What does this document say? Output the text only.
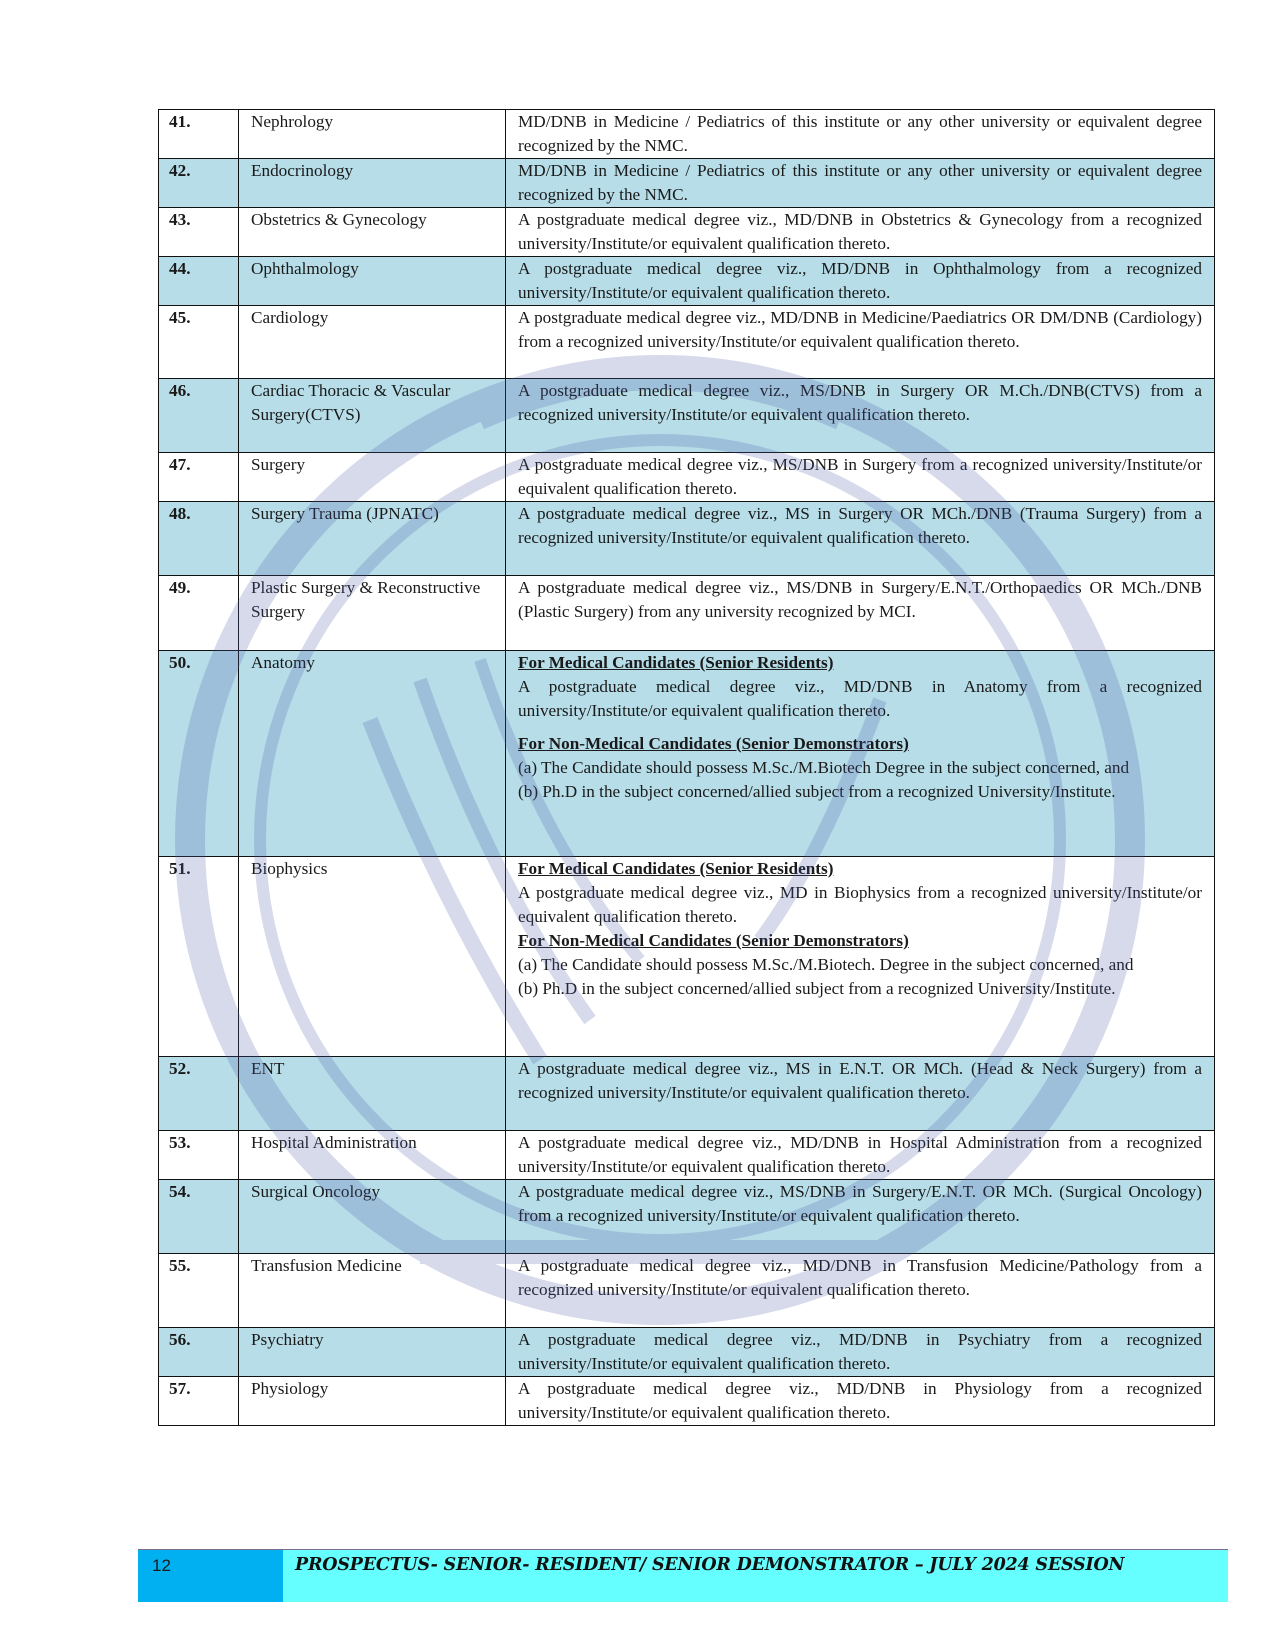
41.	Nephrology	MD/DNB in Medicine / Pediatrics of this institute or any other university or equivalent degree recognized by the NMC.
42.	Endocrinology	MD/DNB in Medicine / Pediatrics of this institute or any other university or equivalent degree recognized by the NMC.
43.	Obstetrics & Gynecology	A postgraduate medical degree viz., MD/DNB in Obstetrics & Gynecology from a recognized university/Institute/or equivalent qualification thereto.
44.	Ophthalmology	A postgraduate medical degree viz., MD/DNB in Ophthalmology from a recognized university/Institute/or equivalent qualification thereto.
45.	Cardiology	A postgraduate medical degree viz., MD/DNB in Medicine/Paediatrics OR DM/DNB (Cardiology) from a recognized university/Institute/or equivalent qualification thereto.
46.	Cardiac Thoracic & Vascular Surgery(CTVS)	A postgraduate medical degree viz., MS/DNB in Surgery OR M.Ch./DNB(CTVS) from a recognized university/Institute/or equivalent qualification thereto.
47.	Surgery	A postgraduate medical degree viz., MS/DNB in Surgery from a recognized university/Institute/or equivalent qualification thereto.
48.	Surgery Trauma (JPNATC)	A postgraduate medical degree viz., MS in Surgery OR MCh./DNB (Trauma Surgery) from a recognized university/Institute/or equivalent qualification thereto.
49.	Plastic Surgery & Reconstructive Surgery	A postgraduate medical degree viz., MS/DNB in Surgery/E.N.T./Orthopaedics OR MCh./DNB (Plastic Surgery) from any university recognized by MCI.
50.	Anatomy	For Medical Candidates (Senior Residents)
A postgraduate medical degree viz., MD/DNB in Anatomy from a recognized university/Institute/or equivalent qualification thereto.
For Non-Medical Candidates (Senior Demonstrators)
(a) The Candidate should possess M.Sc./M.Biotech Degree in the subject concerned, and
(b) Ph.D in the subject concerned/allied subject from a recognized University/Institute.

51.	Biophysics	For Medical Candidates (Senior Residents)
A postgraduate medical degree viz., MD in Biophysics from a recognized university/Institute/or equivalent qualification thereto.
For Non-Medical Candidates (Senior Demonstrators)
(a) The Candidate should possess M.Sc./M.Biotech. Degree in the subject concerned, and
(b) Ph.D in the subject concerned/allied subject from a recognized University/Institute.

52.	ENT	A postgraduate medical degree viz., MS in E.N.T. OR MCh. (Head & Neck Surgery) from a recognized university/Institute/or equivalent qualification thereto.
53.	Hospital Administration	A postgraduate medical degree viz., MD/DNB in Hospital Administration from a recognized university/Institute/or equivalent qualification thereto.
54.	Surgical Oncology	A postgraduate medical degree viz., MS/DNB in Surgery/E.N.T. OR MCh. (Surgical Oncology) from a recognized university/Institute/or equivalent qualification thereto.
55.	Transfusion Medicine	A postgraduate medical degree viz., MD/DNB in Transfusion Medicine/Pathology from a recognized university/Institute/or equivalent qualification thereto.
56.	Psychiatry	A postgraduate medical degree viz., MD/DNB in Psychiatry from a recognized university/Institute/or equivalent qualification thereto.
57.	Physiology	A postgraduate medical degree viz., MD/DNB in Physiology from a recognized university/Institute/or equivalent qualification thereto.
12	PROSPECTUS- SENIOR- RESIDENT/ SENIOR DEMONSTRATOR – JULY 2024 SESSION
